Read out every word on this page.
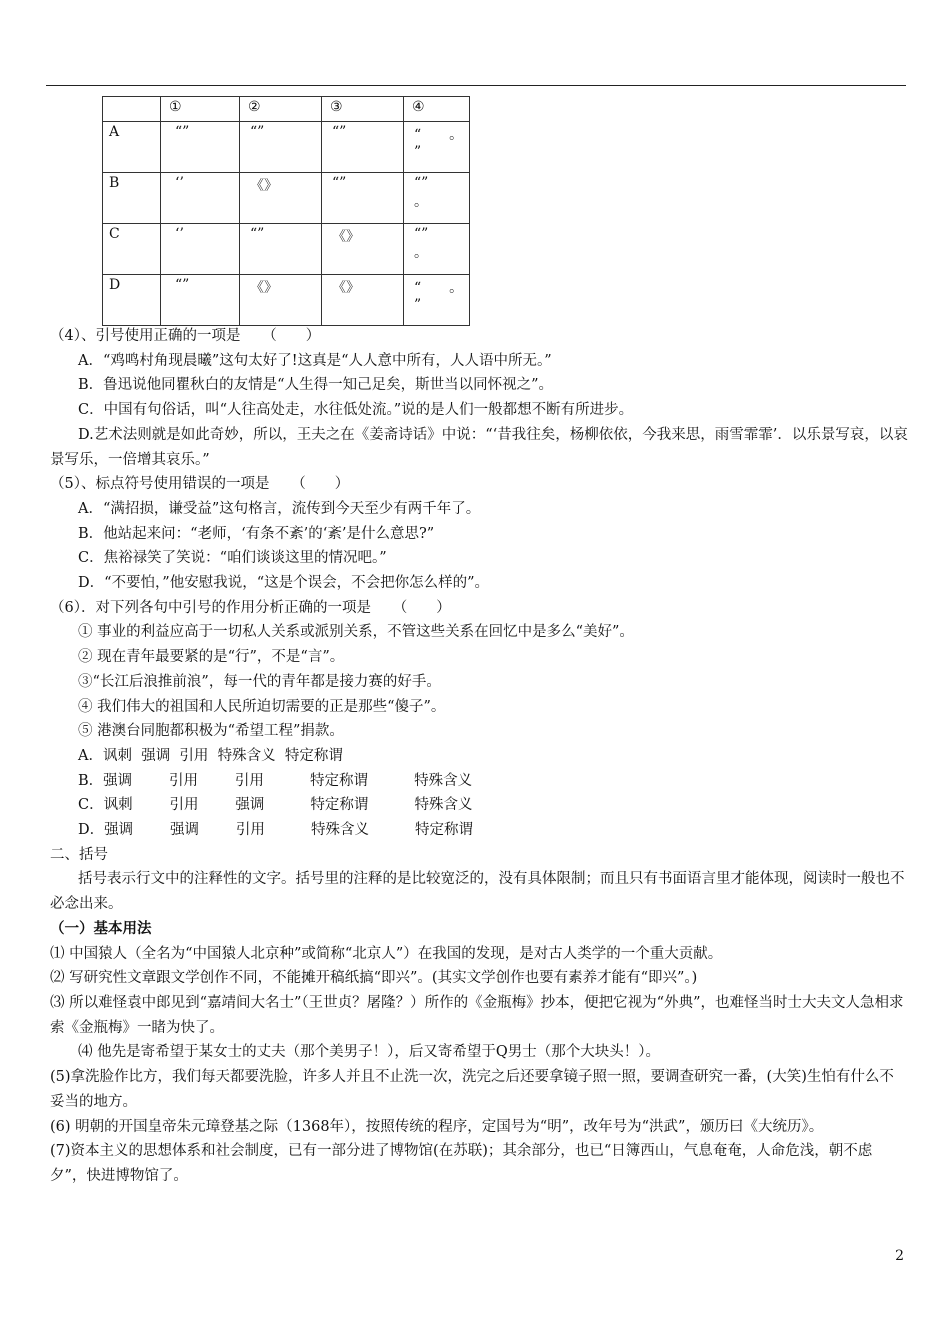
	①	②	③	④
A	“”	“”	“”	“　　。
”
B	‘’	《》	“”	“”
。
C	‘’	“”	《》	“”
。
D	“”	《》	《》	“　　。
”

（4）、引号使用正确的一项是　　（　　）

A．“鸡鸣村角现晨曦”这句太好了!这真是“人人意中所有，人人语中所无。”

B．鲁迅说他同瞿秋白的友情是“人生得一知己足矣，斯世当以同怀视之”。

C．中国有句俗话，叫“人往高处走，水往低处流。”说的是人们一般都想不断有所进步。

D.艺术法则就是如此奇妙，所以，王夫之在《姜斋诗话》中说：“‘昔我往矣，杨柳依依，今我来思，雨雪霏霏’．以乐景写哀，以哀景写乐，一倍增其哀乐。”

（5）、标点符号使用错误的一项是　　（　　）

A．“满招损，谦受益”这句格言，流传到今天至少有两千年了。

B．他站起来问：“老师，‘有条不紊’的‘紊’是什么意思?”

C．焦裕禄笑了笑说：“咱们谈谈这里的情况吧。”

D．“不要怕，”他安慰我说，“这是个误会，不会把你怎么样的”。

（6）．对下列各句中引号的作用分析正确的一项是　　（　　）

① 事业的利益应高于一切私人关系或派别关系，不管这些关系在回忆中是多么“美好”。

② 现在青年最要紧的是“行”，不是“言”。

③“长江后浪推前浪”，每一代的青年都是接力赛的好手。

④ 我们伟大的祖国和人民所迫切需要的正是那些“傻子”。

⑤ 港澳台同胞都积极为“希望工程”捐款。

A．讽刺  强调  引用  特殊含义  特定称谓

B．强调        引用        引用          特定称谓          特殊含义

C．讽刺        引用        强调          特定称谓          特殊含义

D．强调        强调        引用          特殊含义          特定称谓

二、括号

括号表示行文中的注释性的文字。括号里的注释的是比较宽泛的，没有具体限制；而且只有书面语言里才能体现，阅读时一般也不必念出来。

（一）基本用法

⑴ 中国猿人（全名为“中国猿人北京种”或简称“北京人”）在我国的发现，是对古人类学的一个重大贡献。

⑵ 写研究性文章跟文学创作不同，不能摊开稿纸搞“即兴”。(其实文学创作也要有素养才能有“即兴”。)

⑶ 所以难怪袁中郎见到“嘉靖间大名士”（王世贞？屠隆？）所作的《金瓶梅》抄本，便把它视为“外典”，也难怪当时士大夫文人急相求索《金瓶梅》一睹为快了。

⑷ 他先是寄希望于某女士的丈夫（那个美男子！），后又寄希望于Q男士（那个大块头！）。

(5)拿洗脸作比方，我们每天都要洗脸，许多人并且不止洗一次，洗完之后还要拿镜子照一照，要调查研究一番，(大笑)生怕有什么不妥当的地方。

(6) 明朝的开国皇帝朱元璋登基之际（1368年），按照传统的程序，定国号为“明”，改年号为“洪武”，颁历曰《大统历》。

(7)资本主义的思想体系和社会制度，已有一部分进了博物馆(在苏联)；其余部分，也已“日簿西山，气息奄奄，人命危浅，朝不虑夕”，快进博物馆了。

2
